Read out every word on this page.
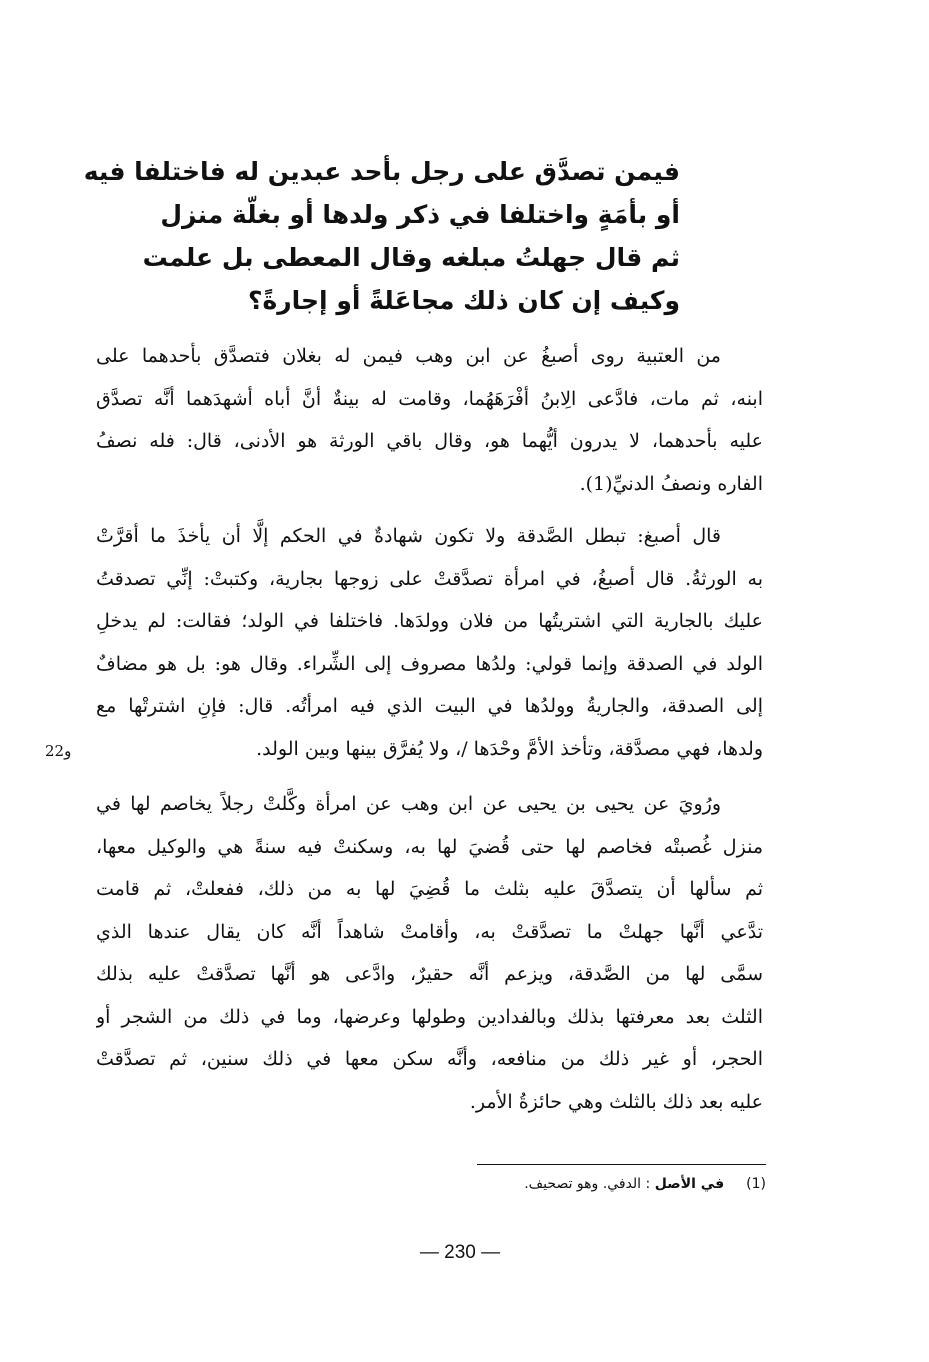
فيمن تصدَّق على رجل بأحد عبدين له فاختلفا فيه
أو بأمَةٍ واختلفا في ذكر ولدها أو بغلّة منزل
ثم قال جهلتُ مبلغه وقال المعطى بل علمت
وكيف إن كان ذلك مجاعَلةً أو إجارةً؟
من العتبية روى أصبغُ عن ابن وهب فيمن له بغلان فتصدَّق بأحدهما على
ابنه، ثم مات، فادَّعى الِابنُ أفْرَهَهُما، وقامت له بينةٌ أنَّ أباه أشهدَهما أنَّه تصدَّق
عليه بأحدهما، لا يدرون أيُّهما هو، وقال باقي الورثة هو الأدنى، قال: فله نصفُ
الفاره ونصفُ الدنيِّ(1).
قال أصبغ: تبطل الصَّدقة ولا تكون شهادةٌ في الحكم إلَّا أن يأخذَ ما أقرَّتْ
به الورثةُ. قال أصبغُ، في امرأة تصدَّقتْ على زوجها بجارية، وكتبتْ: إنِّي تصدقتُ
عليك بالجارية التي اشتريتُها من فلان وولدَها. فاختلفا في الولد؛ فقالت: لم يدخلِ
الولد في الصدقة وإنما قولي: ولدُها مصروف إلى الشِّراء. وقال هو: بل هو مضافٌ
إلى الصدقة، والجاريةُ وولدُها في البيت الذي فيه امرأتُه. قال: فإنِ اشترتْها مع
ولدها، فهي مصدَّقة، وتأخذ الأمَّ وحْدَها /، ولا يُفرَّق بينها وبين الولد.
و22
ورُويَ عن يحيى بن يحيى عن ابن وهب عن امرأة وكَّلتْ رجلاً يخاصم لها في
منزل غُصبتْه فخاصم لها حتى قُضيَ لها به، وسكنتْ فيه سنةً هي والوكيل معها،
ثم سألها أن يتصدَّقَ عليه بثلث ما قُضِيَ لها به من ذلك، ففعلتْ، ثم قامت
تدَّعي أنَّها جهلتْ ما تصدَّقتْ به، وأقامتْ شاهداً أنَّه كان يقال عندها الذي
سمَّى لها من الصَّدقة، ويزعم أنَّه حقيرٌ، وادَّعى هو أنَّها تصدَّقتْ عليه بذلك
الثلث بعد معرفتها بذلك وبالفدادين وطولها وعرضها، وما في ذلك من الشجر أو
الحجر، أو غير ذلك من منافعه، وأنَّه سكن معها في ذلك سنين، ثم تصدَّقتْ
عليه بعد ذلك بالثلث وهي حائزةُ الأمر.
(1)في الأصل : الدفي. وهو تصحيف.
— 230 —
